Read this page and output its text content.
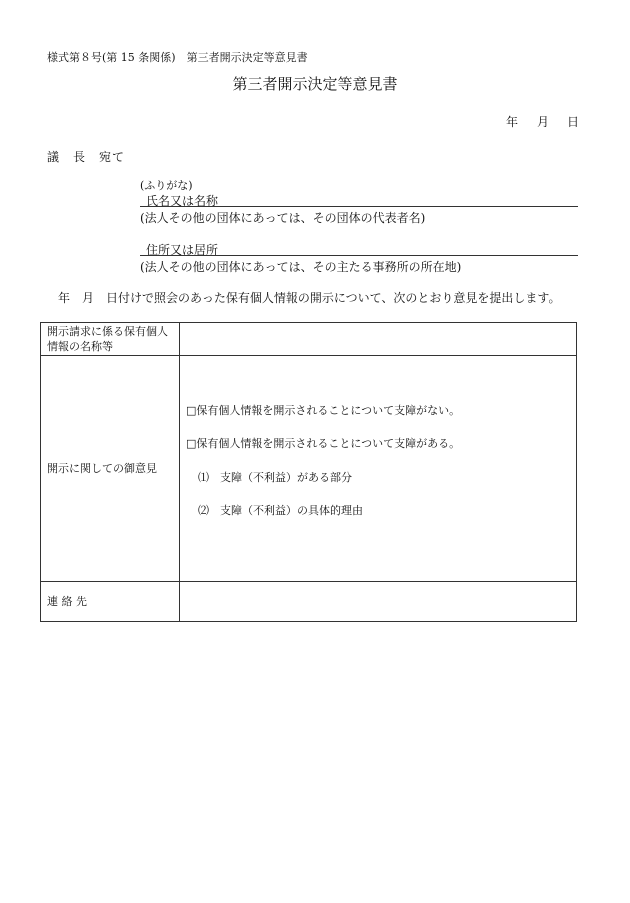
様式第８号(第 15 条関係)　第三者開示決定等意見書
第三者開示決定等意見書
年 月 日
議　長　宛て
(ふりがな)
氏名又は名称
(法人その他の団体にあっては、その団体の代表者名)
住所又は居所
(法人その他の団体にあっては、その主たる事務所の所在地)
年　月　日付けで照会のあった保有個人情報の開示について、次のとおり意見を提出します。
開示請求に係る保有個人情報の名称等	
開示に関しての御意見	□保有個人情報を開示されることについて支障がない。
□保有個人情報を開示されることについて支障がある。
⑴　支障（不利益）がある部分
⑵　支障（不利益）の具体的理由

連 絡 先	
